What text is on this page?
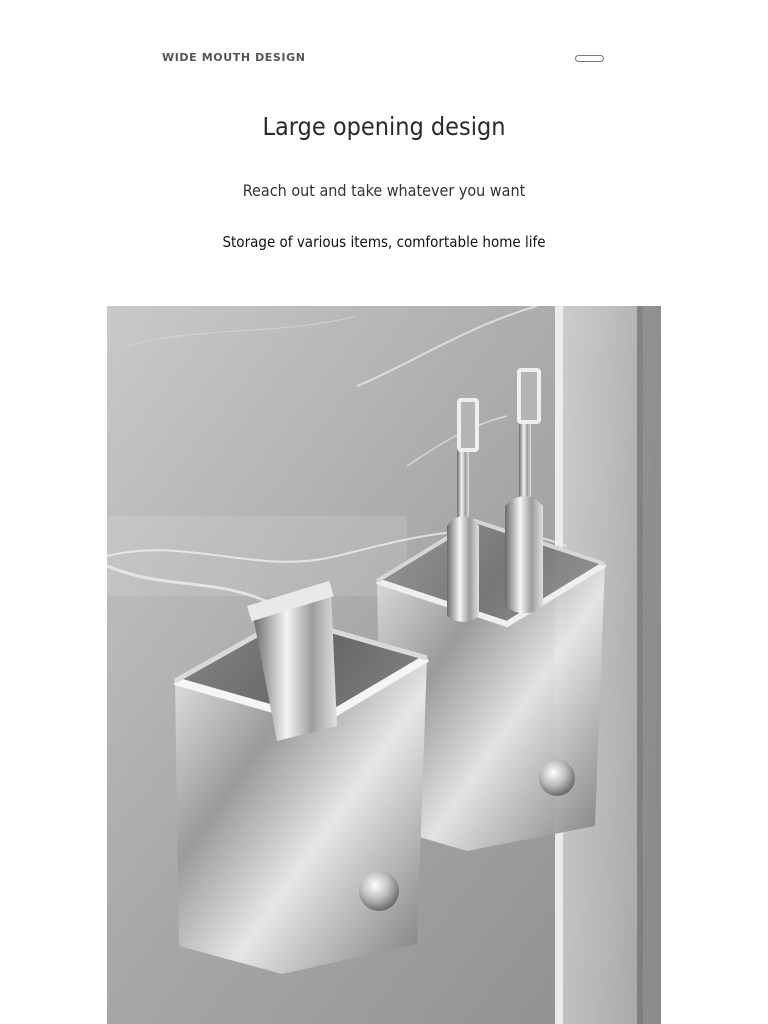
WIDE MOUTH DESIGN
Large opening design
Reach out and take whatever you want
Storage of various items, comfortable home life
